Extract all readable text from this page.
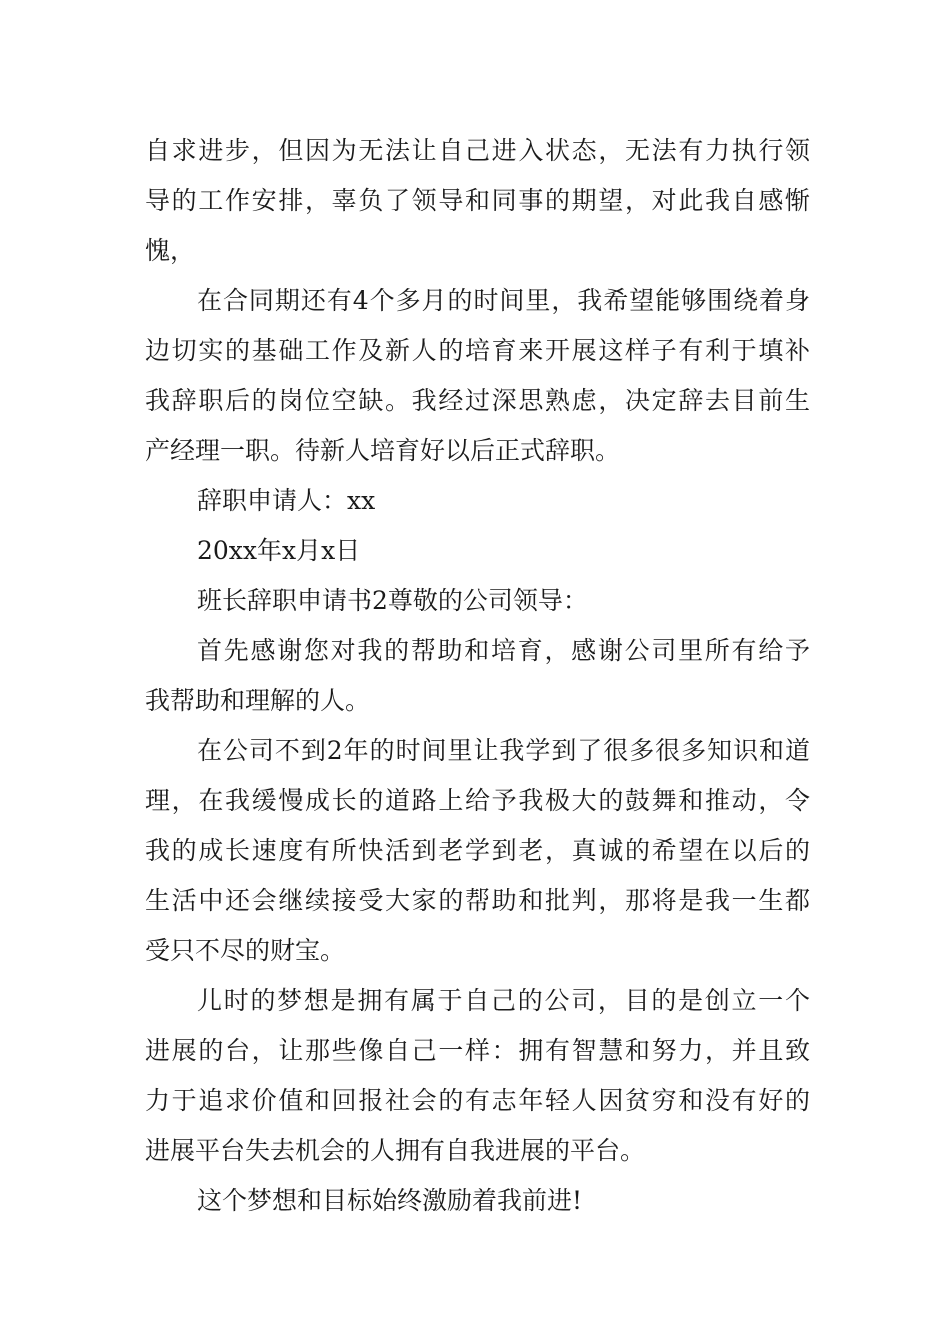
自求进步，但因为无法让自己进入状态，无法有力执行领
导的工作安排，辜负了领导和同事的期望，对此我自感惭
愧，
在合同期还有4个多月的时间里，我希望能够围绕着身
边切实的基础工作及新人的培育来开展这样子有利于填补
我辞职后的岗位空缺。我经过深思熟虑，决定辞去目前生
产经理一职。待新人培育好以后正式辞职。
辞职申请人：xx
20xx年x月x日
班长辞职申请书2尊敬的公司领导：
首先感谢您对我的帮助和培育，感谢公司里所有给予
我帮助和理解的人。
在公司不到2年的时间里让我学到了很多很多知识和道
理，在我缓慢成长的道路上给予我极大的鼓舞和推动，令
我的成长速度有所快活到老学到老，真诚的希望在以后的
生活中还会继续接受大家的帮助和批判，那将是我一生都
受只不尽的财宝。
儿时的梦想是拥有属于自己的公司，目的是创立一个
进展的台，让那些像自己一样：拥有智慧和努力，并且致
力于追求价值和回报社会的有志年轻人因贫穷和没有好的
进展平台失去机会的人拥有自我进展的平台。
这个梦想和目标始终激励着我前进!
